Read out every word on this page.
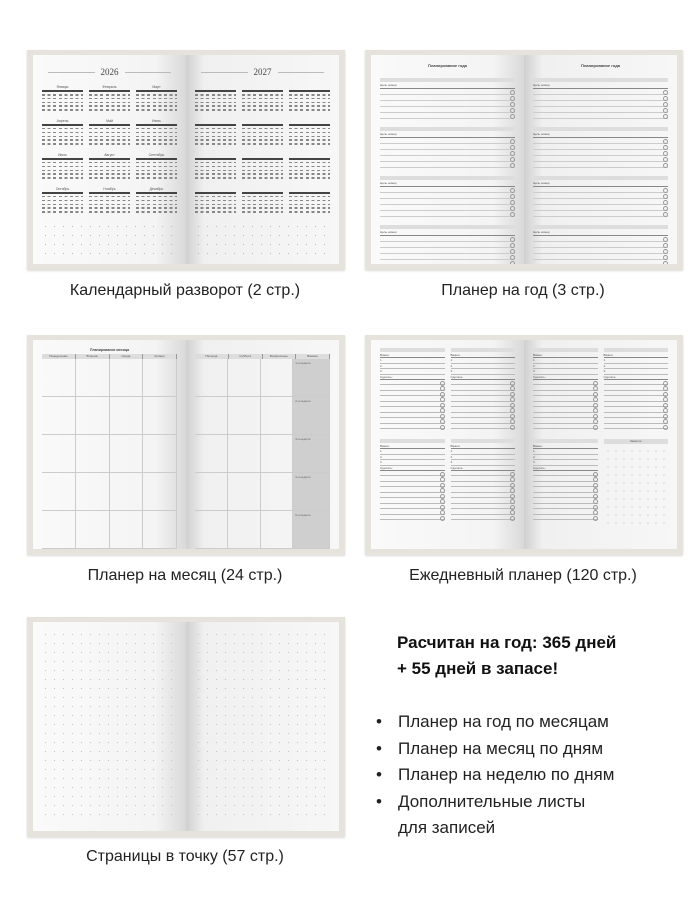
2026
Январь	Февраль	Март
Апрель	Май	Июнь
Июль	Август	Сентябрь
Октябрь	Ноябрь	Декабрь
2027
Календарный разворот (2 стр.)
Планирование года

Цель номер
Цель номер
Цель номер
Цель номер
Планирование года

Цель номер
Цель номер
Цель номер
Цель номер
Планер на год (3 стр.)
Планирование месяца
Понедельник	Вторник	Среда	Четверг
	Пятница	Суббота	Воскресенье	Важное
1-я неделя
2-я неделя
3-я неделя
4-я неделя
5-я неделя
Планер на месяц (24 стр.)
Важно:
1.
2.
3.
Сделать:
Важно:
1.
2.
3.
Сделать:
Важно:
1.
2.
3.
Сделать:
Важно:
1.
2.
3.
Сделать:
Важно:
1.
2.
3.
Сделать:
Важно:
1.
2.
3.
Сделать:
Важно:
1.
2.
3.
Сделать:
Заметки
Ежедневный планер (120 стр.)
Страницы в точку (57 стр.)
Расчитан на год: 365 дней
+ 55 дней в запасе!
• Планер на год по месяцам
• Планер на месяц по дням
• Планер на неделю по дням
• Дополнительные листы
для записей
